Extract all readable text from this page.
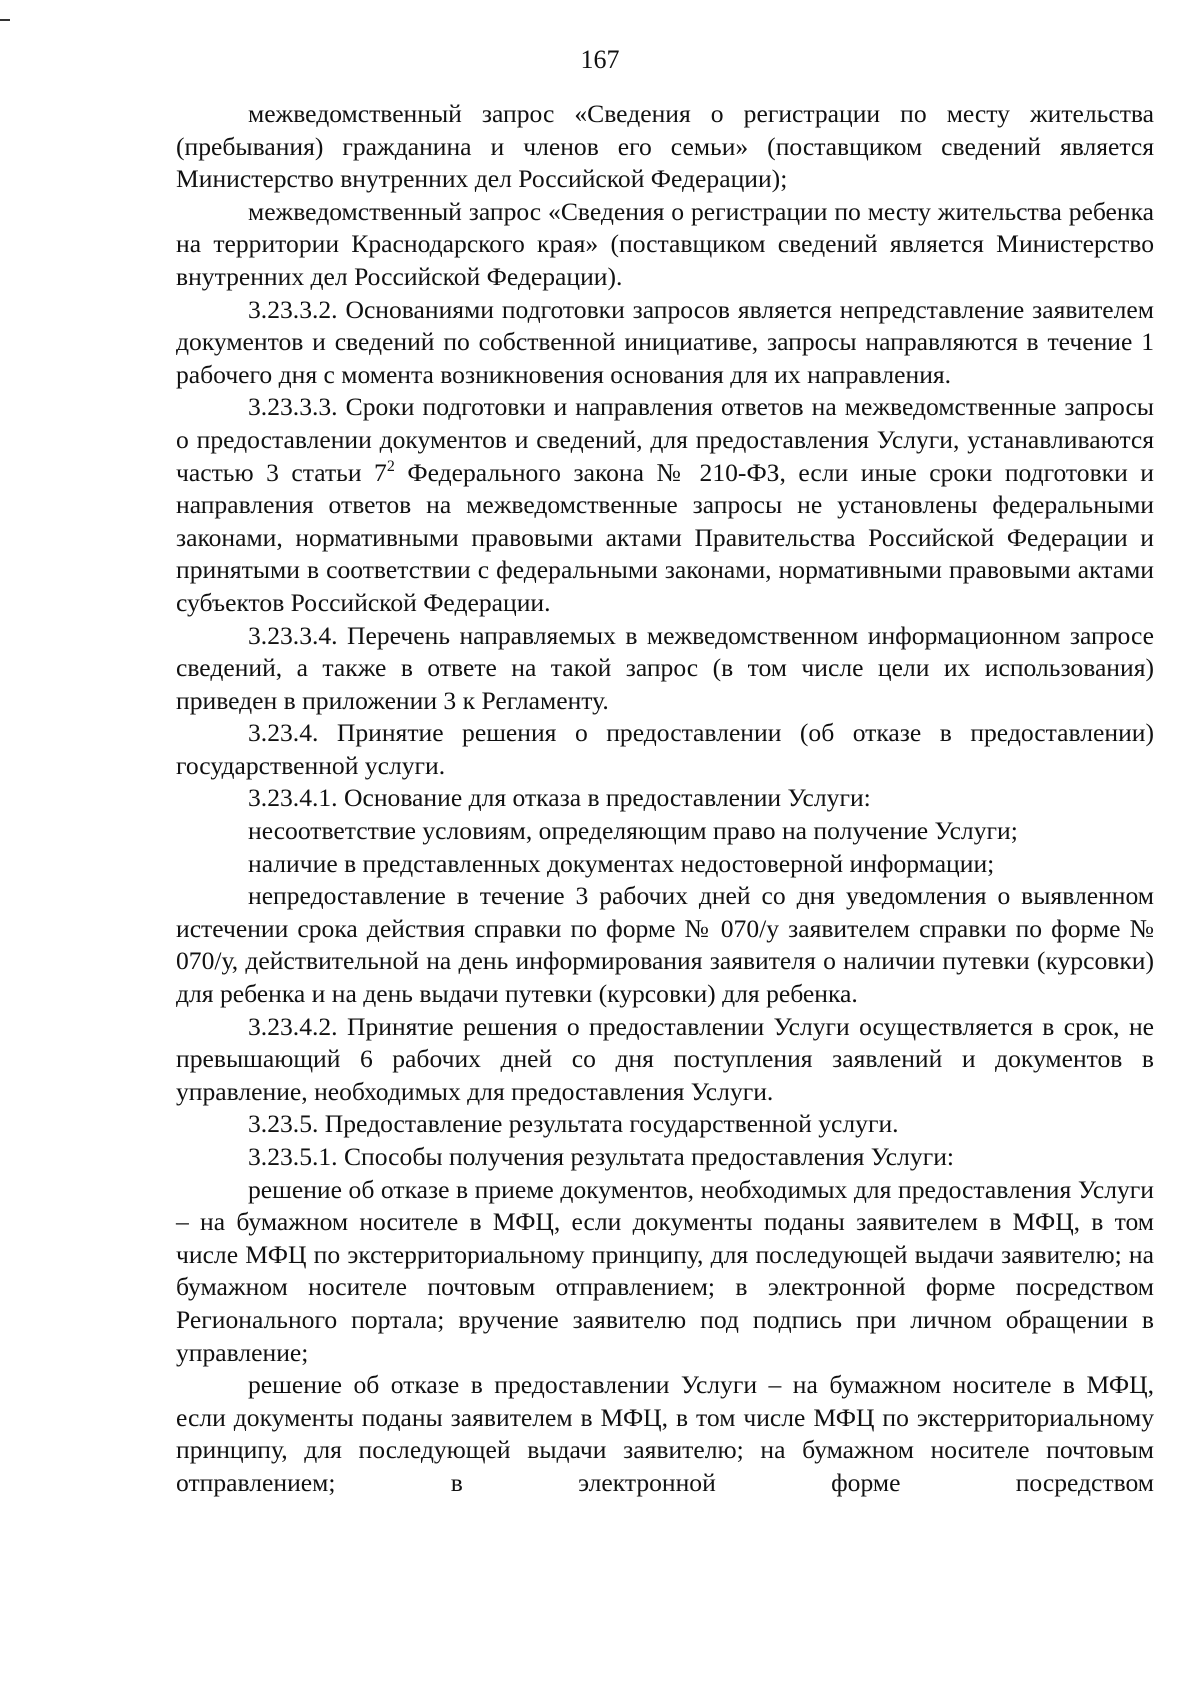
167

межведомственный запрос «Сведения о регистрации по месту жительства (пребывания) гражданина и членов его семьи» (поставщиком сведений является Министерство внутренних дел Российской Федерации);

межведомственный запрос «Сведения о регистрации по месту жительства ребенка на территории Краснодарского края» (поставщиком сведений является Министерство внутренних дел Российской Федерации).

3.23.3.2. Основаниями подготовки запросов является непредставление заявителем документов и сведений по собственной инициативе, запросы направляются в течение 1 рабочего дня с момента возникновения основания для их направления.

3.23.3.3. Сроки подготовки и направления ответов на межведомственные запросы о предоставлении документов и сведений, для предоставления Услуги, устанавливаются частью 3 статьи $7^2$ Федерального закона № 210-ФЗ, если иные сроки подготовки и направления ответов на межведомственные запросы не установлены федеральными законами, нормативными правовыми актами Правительства Российской Федерации и принятыми в соответствии с федеральными законами, нормативными правовыми актами субъектов Российской Федерации.

3.23.3.4. Перечень направляемых в межведомственном информационном запросе сведений, а также в ответе на такой запрос (в том числе цели их использования) приведен в приложении 3 к Регламенту.

3.23.4. Принятие решения о предоставлении (об отказе в предоставлении) государственной услуги.

3.23.4.1. Основание для отказа в предоставлении Услуги:

несоответствие условиям, определяющим право на получение Услуги;

наличие в представленных документах недостоверной информации;

непредоставление в течение 3 рабочих дней со дня уведомления о выявленном истечении срока действия справки по форме № 070/у заявителем справки по форме № 070/у, действительной на день информирования заявителя о наличии путевки (курсовки) для ребенка и на день выдачи путевки (курсовки) для ребенка.

3.23.4.2. Принятие решения о предоставлении Услуги осуществляется в срок, не превышающий 6 рабочих дней со дня поступления заявлений и документов в управление, необходимых для предоставления Услуги.

3.23.5. Предоставление результата государственной услуги.

3.23.5.1. Способы получения результата предоставления Услуги:

решение об отказе в приеме документов, необходимых для предоставления Услуги – на бумажном носителе в МФЦ, если документы поданы заявителем в МФЦ, в том числе МФЦ по экстерриториальному принципу, для последующей выдачи заявителю; на бумажном носителе почтовым отправлением; в электронной форме посредством Регионального портала; вручение заявителю под подпись при личном обращении в управление;

решение об отказе в предоставлении Услуги – на бумажном носителе в МФЦ, если документы поданы заявителем в МФЦ, в том числе МФЦ по экстерриториальному принципу, для последующей выдачи заявителю; на бумажном носителе почтовым отправлением; в электронной форме посредством
